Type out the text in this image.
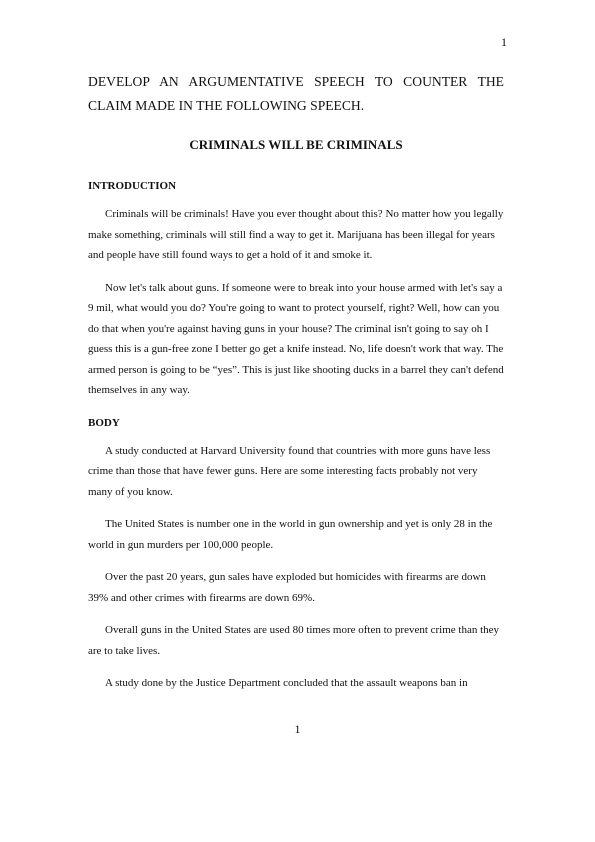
1

DEVELOP AN ARGUMENTATIVE SPEECH TO COUNTER THE CLAIM MADE IN THE FOLLOWING SPEECH.

CRIMINALS WILL BE CRIMINALS
INTRODUCTION

Criminals will be criminals! Have you ever thought about this? No matter how you legally make something, criminals will still find a way to get it. Marijuana has been illegal for years and people have still found ways to get a hold of it and smoke it.

Now let's talk about guns. If someone were to break into your house armed with let's say a 9 mil, what would you do? You're going to want to protect yourself, right? Well, how can you do that when you're against having guns in your house? The criminal isn't going to say oh I guess this is a gun-free zone I better go get a knife instead. No, life doesn't work that way. The armed person is going to be “yes”. This is just like shooting ducks in a barrel they can't defend themselves in any way.

BODY

A study conducted at Harvard University found that countries with more guns have less crime than those that have fewer guns. Here are some interesting facts probably not very many of you know.

The United States is number one in the world in gun ownership and yet is only 28 in the world in gun murders per 100,000 people.

Over the past 20 years, gun sales have exploded but homicides with firearms are down 39% and other crimes with firearms are down 69%.

Overall guns in the United States are used 80 times more often to prevent crime than they are to take lives.

A study done by the Justice Department concluded that the assault weapons ban in

1
